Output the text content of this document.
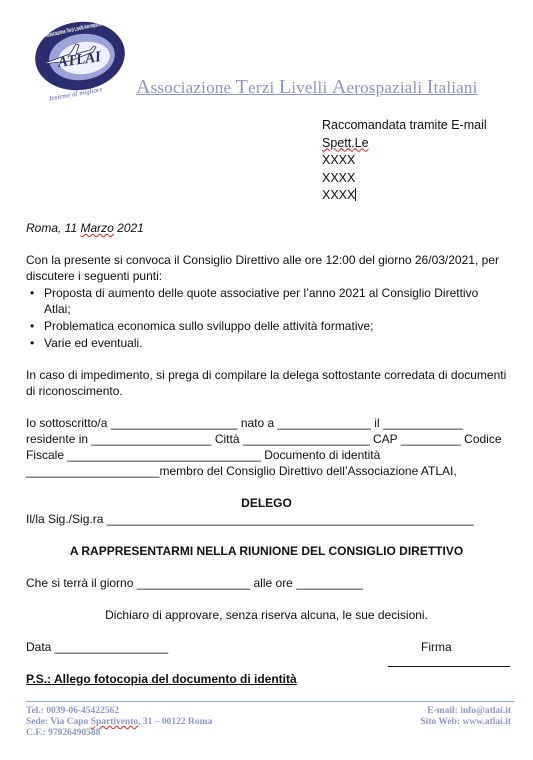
ATLAI
Associazione Terzi Livelli Aerospaziali Italiani
Insieme al migliore Associazione Terzi Livelli Aerospaziali Italiani
Raccomandata tramite E-mail
Spett.Le
XXXX
XXXX
XXXX
Roma, 11 Marzo 2021
Con la presente si convoca il Consiglio Direttivo alle ore 12:00 del giorno 26/03/2021, per
discutere i seguenti punti:
• Proposta di aumento delle quote associative per l’anno 2021 al Consiglio Direttivo
Atlai;
• Problematica economica sullo sviluppo delle attività formative;
• Varie ed eventuali.
In caso di impedimento, si prega di compilare la delega sottostante corredata di documenti
di riconoscimento.
Io sottoscritto/a ___________________ nato a ______________ il ____________
residente in __________________ Città ___________________ CAP _________ Codice
Fiscale _____________________________ Documento di identità
____________________membro del Consiglio Direttivo dell’Associazione ATLAI,
DELEGO
Il/la Sig./Sig.ra _______________________________________________________
A RAPPRESENTARMI NELLA RIUNIONE DEL CONSIGLIO DIRETTIVO
Che si terrà il giorno _________________ alle ore __________
Dichiaro di approvare, senza riserva alcuna, le sue decisioni.
Data _________________	Firma
P.S.: Allego fotocopia del documento di identità
Tel.: 0039-06-45422562
Sede: Via Capo Spartivento, 31 – 00122 Roma
C.F.: 97926490588
E-mail: info@atlai.it
Sito Web: www.atlai.it
